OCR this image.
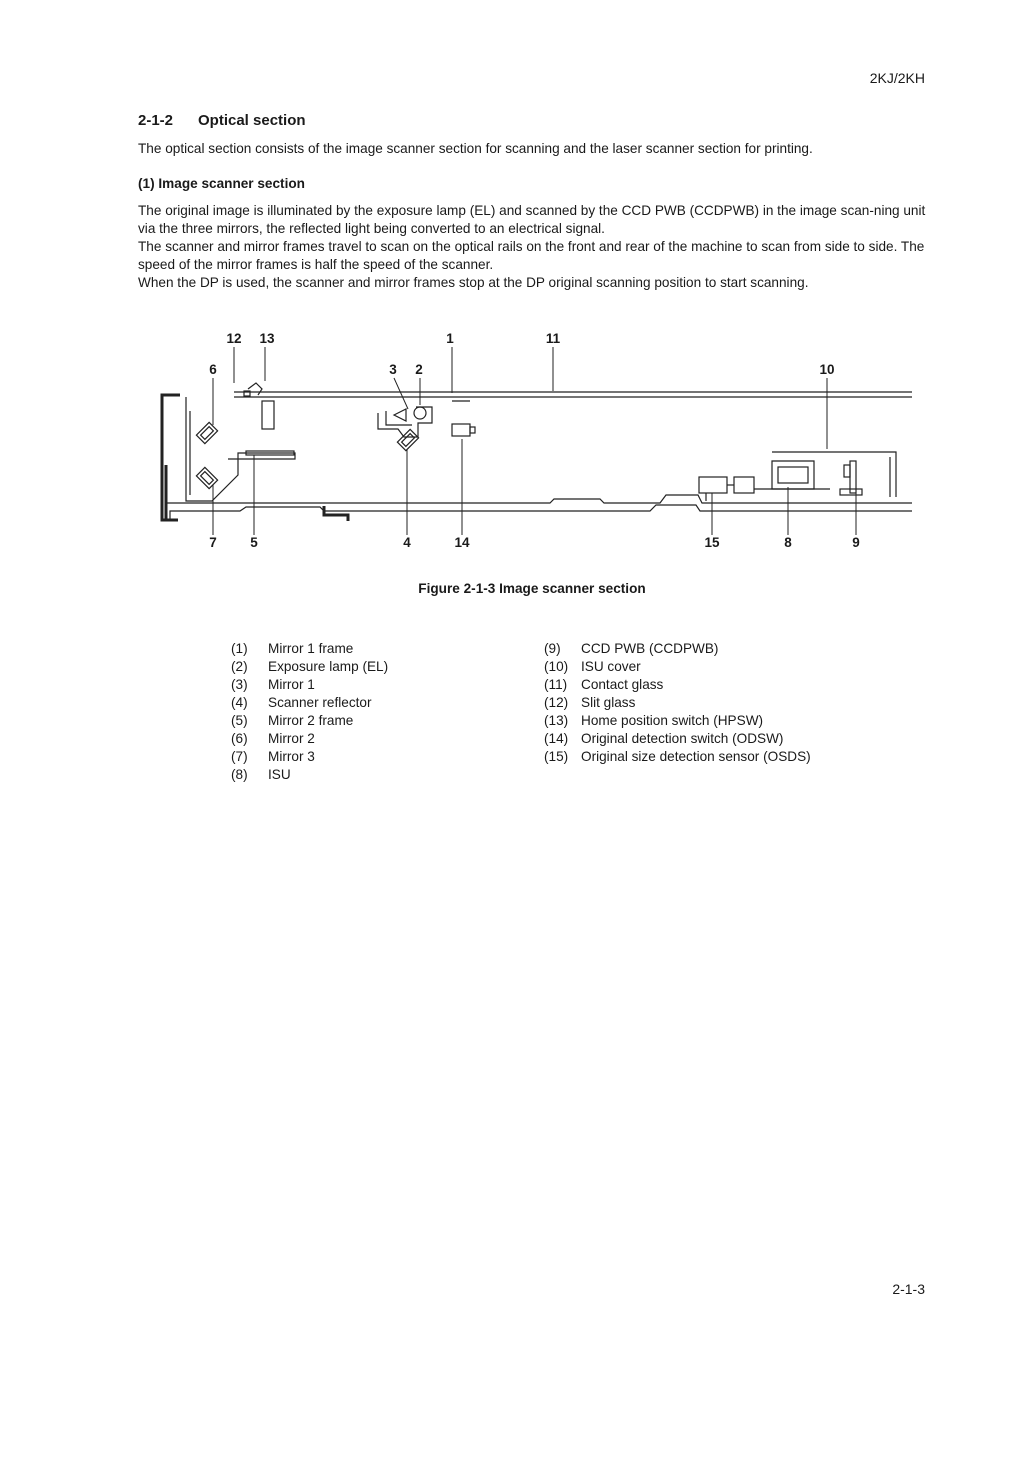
2KJ/2KH
2-1-2 Optical section
The optical section consists of the image scanner section for scanning and the laser scanner section for printing.
(1) Image scanner section
The original image is illuminated by the exposure lamp (EL) and scanned by the CCD PWB (CCDPWB) in the image scan-ning unit via the three mirrors, the reflected light being converted to an electrical signal.
The scanner and mirror frames travel to scan on the optical rails on the front and rear of the machine to scan from side to side. The speed of the mirror frames is half the speed of the scanner.
When the DP is used, the scanner and mirror frames stop at the DP original scanning position to start scanning.
12 13	1	11
6	3 2	10
7 5	4	14	15	8	9
Figure 2-1-3 Image scanner section
(1)	Mirror 1 frame
(2)	Exposure lamp (EL)
(3)	Mirror 1
(4)	Scanner reflector
(5)	Mirror 2 frame
(6)	Mirror 2
(7)	Mirror 3
(8)	ISU
(9)	CCD PWB (CCDPWB)
(10) ISU cover
(11)	Contact glass
(12) Slit glass
(13) Home position switch (HPSW)
(14) Original detection switch (ODSW)
(15) Original size detection sensor (OSDS)
2-1-3
